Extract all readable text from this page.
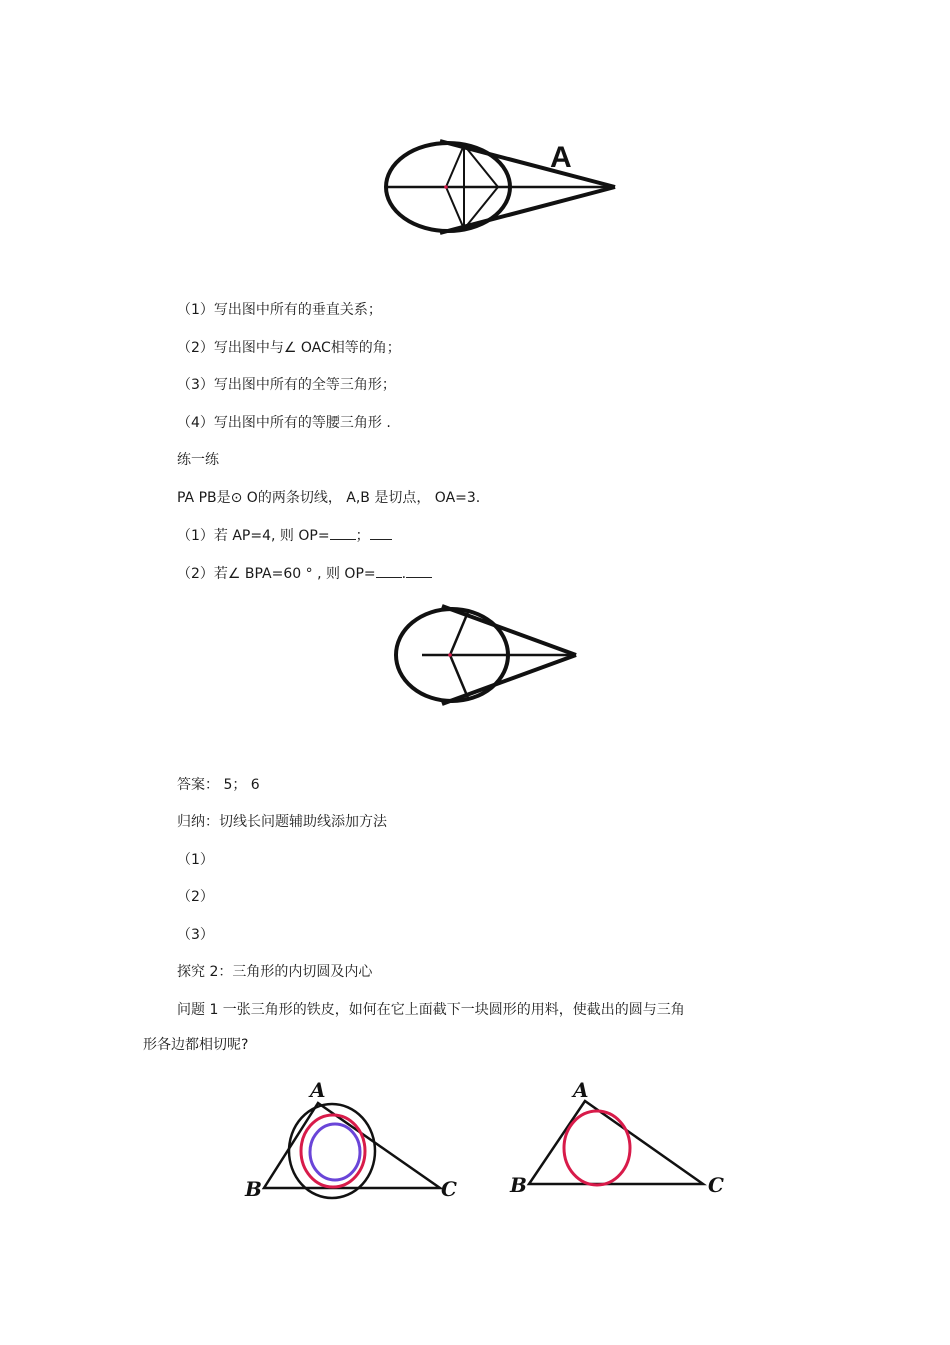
A
（1）写出图中所有的垂直关系；
（2）写出图中与∠ OAC相等的角；
（3）写出图中所有的全等三角形；
（4）写出图中所有的等腰三角形 .
练一练
PA PB是⊙ O的两条切线， A,B 是切点， OA=3.
（1）若 AP=4, 则 OP= ；
（2）若∠ BPA=60 ° , 则 OP= .
答案： 5； 6
归纳：切线长问题辅助线添加方法
（1）
（2）
（3）
探究 2：三角形的内切圆及内心
问题 1 一张三角形的铁皮，如何在它上面截下一块圆形的用料，使截出的圆与三角
形各边都相切呢?
A
B	C
A
B	C
